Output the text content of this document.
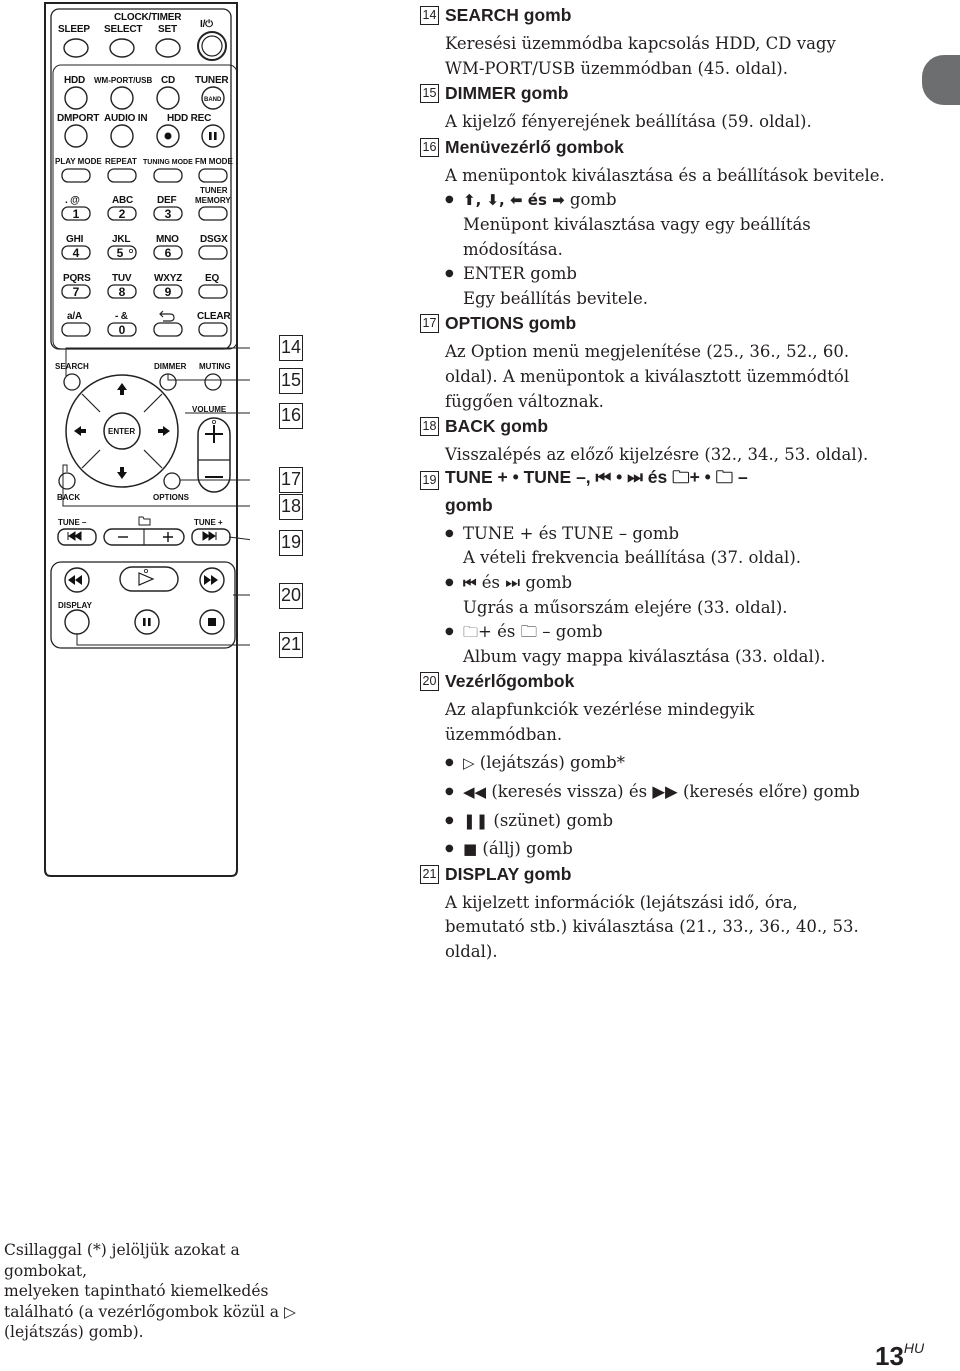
SLEEP
CLOCK/TIMER
SELECT SET I/⏻
HDD WM-PORT/USB CD TUNER
BAND
DMPORT AUDIO IN HDD REC
PLAY MODE REPEAT TUNING MODE FM MODE
. @	ABC DEF
TUNER
MEMORY
1	2	3
GHI	JKL	MNO DSGX
4	5	6
PQRS TUV WXYZ EQ
7	8	9
a/A	- &	CLEAR
0
SEARCH	DIMMER MUTING
VOLUME
ENTER
BACK	OPTIONS
TUNE –	TUNE +
DISPLAY
14
15
16
17
18
19
20
21
14 SEARCH gomb
Keresési üzemmódba kapcsolás HDD, CD vagy
WM-PORT/USB üzemmódban (45. oldal).
15 DIMMER gomb
A kijelző fényerejének beállítása (59. oldal).
16 Menüvezérlő gombok
A menüpontok kiválasztása és a beállítások bevitele.
● ⬆, ⬇, ⬅ és ➡ gomb
Menüpont kiválasztása vagy egy beállítás
módosítása.
● ENTER gomb
Egy beállítás bevitele.
17 OPTIONS gomb
Az Option menü megjelenítése (25., 36., 52., 60.
oldal). A menüpontok a kiválasztott üzemmódtól
függően változnak.
18 BACK gomb
Visszalépés az előző kijelzésre (32., 34., 53. oldal).
19 TUNE + • TUNE –, ⏮ • ⏭ és 🗀+ • 🗀 –
gomb
● TUNE + és TUNE – gomb
A vételi frekvencia beállítása (37. oldal).
● ⏮ és ⏭ gomb
Ugrás a műsorszám elejére (33. oldal).
● 🗀+ és 🗀 – gomb
Album vagy mappa kiválasztása (33. oldal).
20 Vezérlőgombok
Az alapfunkciók vezérlése mindegyik
üzemmódban.
● ▷ (lejátszás) gomb*
● ◀◀ (keresés vissza) és ▶▶ (keresés előre) gomb
● ❚❚ (szünet) gomb
● ■ (állj) gomb
21 DISPLAY gomb
A kijelzett információk (lejátszási idő, óra,
bemutató stb.) kiválasztása (21., 33., 36., 40., 53.
oldal).
Csillaggal (*) jelöljük azokat a gombokat,
melyeken tapintható kiemelkedés
található (a vezérlőgombok közül a ▷
(lejátszás) gomb).
$13^{HU}$
